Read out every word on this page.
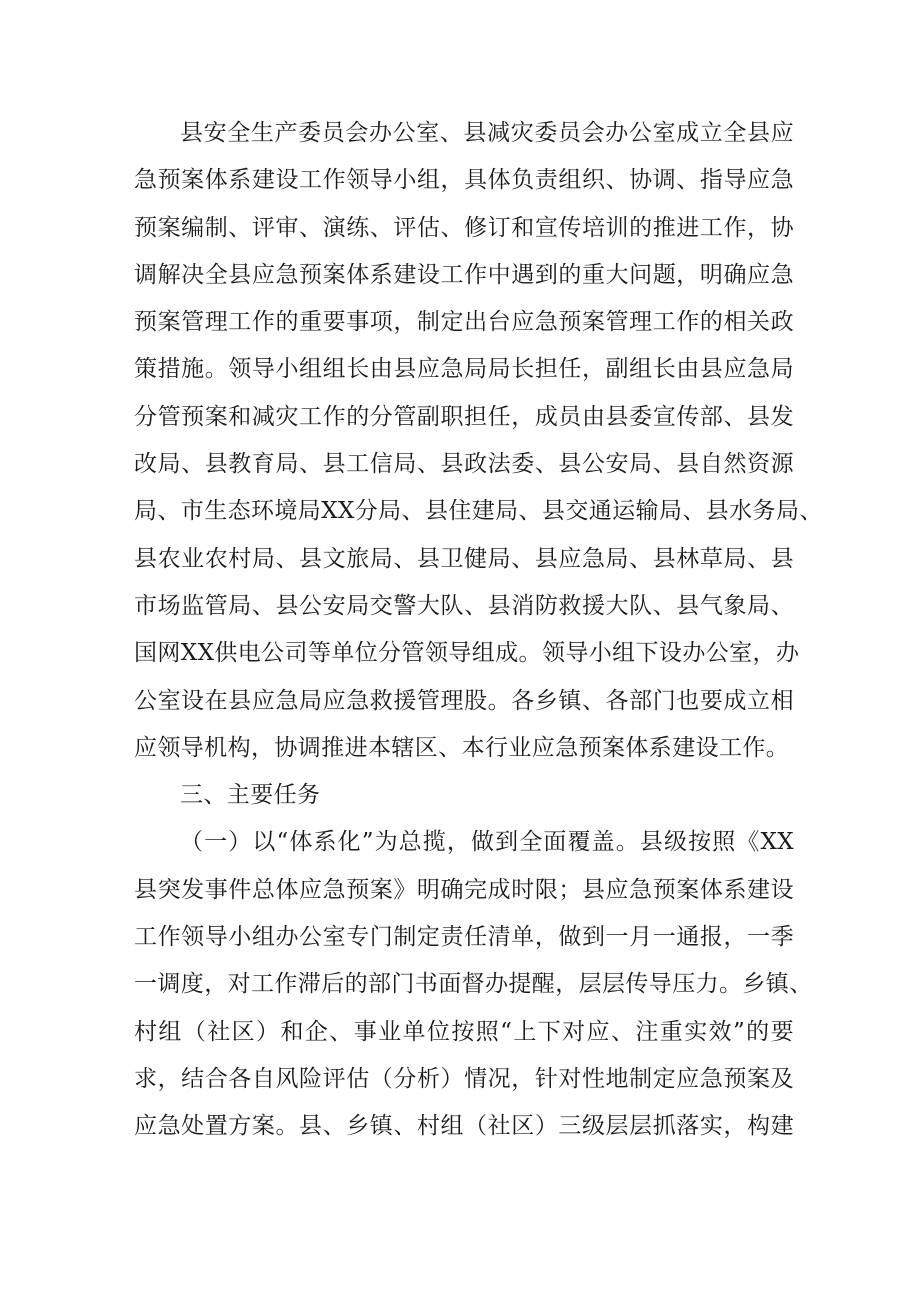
县安全生产委员会办公室、县减灾委员会办公室成立全县应
急预案体系建设工作领导小组，具体负责组织、协调、指导应急
预案编制、评审、演练、评估、修订和宣传培训的推进工作，协
调解决全县应急预案体系建设工作中遇到的重大问题，明确应急
预案管理工作的重要事项，制定出台应急预案管理工作的相关政
策措施。领导小组组长由县应急局局长担任，副组长由县应急局
分管预案和减灾工作的分管副职担任，成员由县委宣传部、县发
改局、县教育局、县工信局、县政法委、县公安局、县自然资源
局、市生态环境局XX分局、县住建局、县交通运输局、县水务局、
县农业农村局、县文旅局、县卫健局、县应急局、县林草局、县
市场监管局、县公安局交警大队、县消防救援大队、县气象局、
国网XX供电公司等单位分管领导组成。领导小组下设办公室，办
公室设在县应急局应急救援管理股。各乡镇、各部门也要成立相
应领导机构，协调推进本辖区、本行业应急预案体系建设工作。
三、主要任务
（一）以“体系化”为总揽，做到全面覆盖。县级按照《XX
县突发事件总体应急预案》明确完成时限；县应急预案体系建设
工作领导小组办公室专门制定责任清单，做到一月一通报，一季
一调度，对工作滞后的部门书面督办提醒，层层传导压力。乡镇、
村组（社区）和企、事业单位按照“上下对应、注重实效”的要
求，结合各自风险评估（分析）情况，针对性地制定应急预案及
应急处置方案。县、乡镇、村组（社区）三级层层抓落实，构建
